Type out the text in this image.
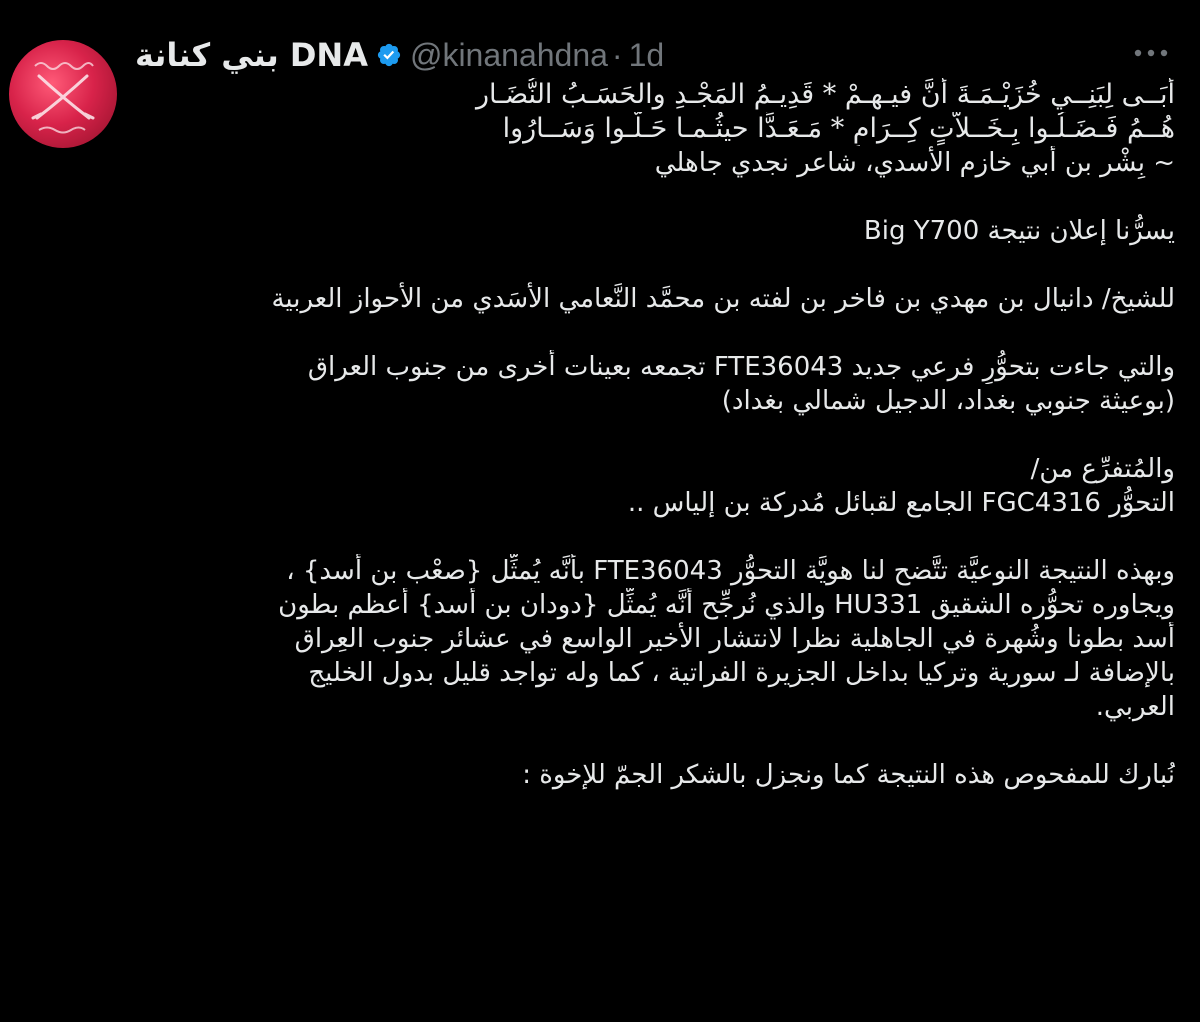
بني كنانة DNA @kinanahdna · 1d
أَبَــى لِبَنِــي خُزَيْـمَـةَ أَنَّ فيـهـمْ * قَدِيـمُ المَجْـدِ والحَسَـبُ النُّضَـار
هُــمُ فَـضَـلُـوا بِـخَــلاَّتٍ كِــرَامٍ * مَـعَـدًّا حيثُـمـا حَـلُّـوا وَسَــارُوا
~ بِشْر بن أبي خازم الأسدي، شاعر نجدي جاهلي
يسرُّنا إعلان نتيجة Big Y700
للشيخ/ دانيال بن مهدي بن فاخر بن لفته بن محمَّد النَّعامي الأسَدي من الأحواز العربية
والتي جاءت بتحوُّرٍ فرعي جديد FTE36043 تجمعه بعينات أخرى من جنوب العراق
(بوعيثة جنوبي بغداد، الدجيل شمالي بغداد)
والمُتفرِّع من/
التحوُّر FGC4316 الجامع لقبائل مُدركة بن إلياس ..
وبهذه النتيجة النوعيَّة تتَّضح لنا هويَّة التحوُّر FTE36043 بأنَّه يُمثِّل {صعْب بن أسد} ،
ويجاوره تحوُّره الشقيق HU331 والذي نُرجِّح أنَّه يُمثِّل {دودان بن أسد} أعظم بطون
أسد بطونا وشُهرة في الجاهلية نظرا لانتشار الأخير الواسع في عشائر جنوب العِراق
بالإضافة لـ سورية وتركيا بداخل الجزيرة الفراتية ، كما وله تواجد قليل بدول الخليج
العربي.
نُبارك للمفحوص هذه النتيجة كما ونجزل بالشكر الجمّ للإخوة :
